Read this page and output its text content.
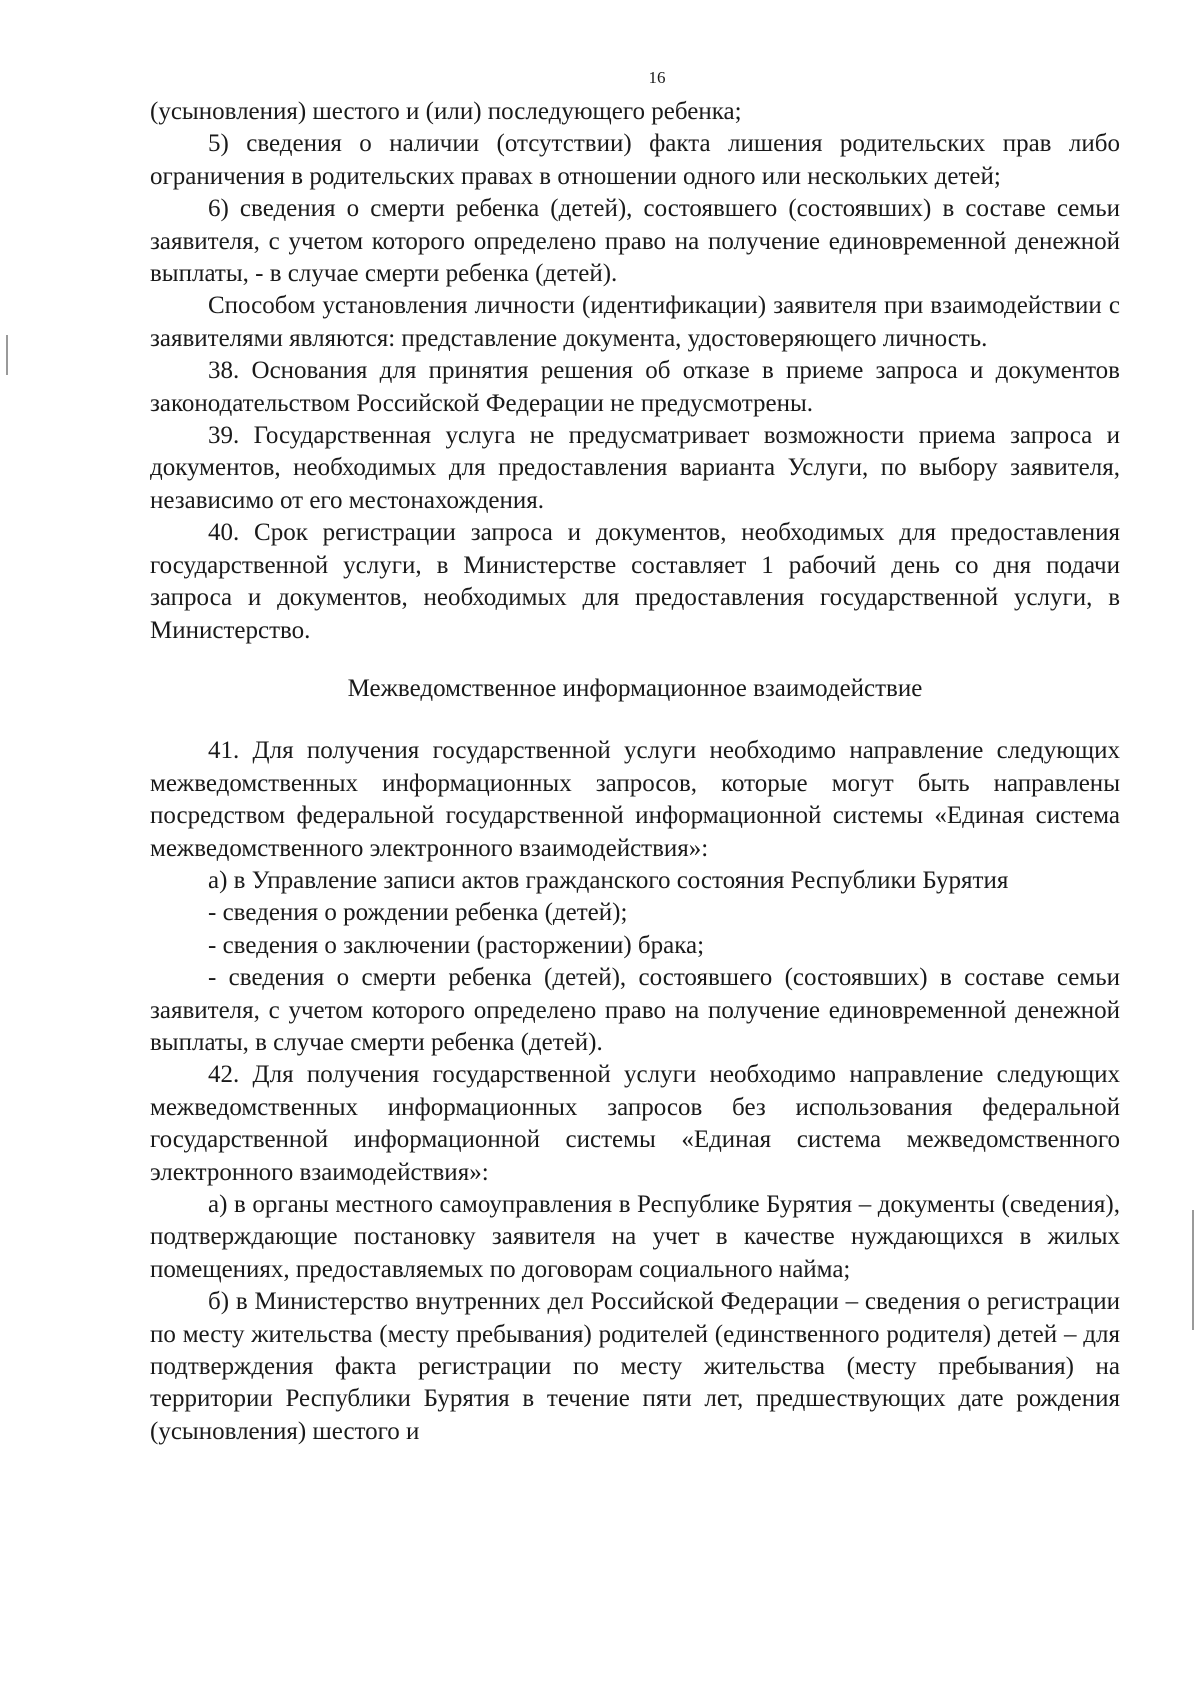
16

(усыновления) шестого и (или) последующего ребенка;

5) сведения о наличии (отсутствии) факта лишения родительских прав либо ограничения в родительских правах в отношении одного или нескольких детей;

6) сведения о смерти ребенка (детей), состоявшего (состоявших) в составе семьи заявителя, с учетом которого определено право на получение единовременной денежной выплаты, - в случае смерти ребенка (детей).

Способом установления личности (идентификации) заявителя при взаимодействии с заявителями являются: представление документа, удостоверяющего личность.

38. Основания для принятия решения об отказе в приеме запроса и документов законодательством Российской Федерации не предусмотрены.

39. Государственная услуга не предусматривает возможности приема запроса и документов, необходимых для предоставления варианта Услуги, по выбору заявителя, независимо от его местонахождения.

40. Срок регистрации запроса и документов, необходимых для предоставления государственной услуги, в Министерстве составляет 1 рабочий день со дня подачи запроса и документов, необходимых для предоставления государственной услуги, в Министерство.

Межведомственное информационное взаимодействие

41. Для получения государственной услуги необходимо направление следующих межведомственных информационных запросов, которые могут быть направлены посредством федеральной государственной информационной системы «Единая система межведомственного электронного взаимодействия»:

а) в Управление записи актов гражданского состояния Республики Бурятия

- сведения о рождении ребенка (детей);

- сведения о заключении (расторжении) брака;

- сведения о смерти ребенка (детей), состоявшего (состоявших) в составе семьи заявителя, с учетом которого определено право на получение единовременной денежной выплаты, в случае смерти ребенка (детей).

42. Для получения государственной услуги необходимо направление следующих межведомственных информационных запросов без использования федеральной государственной информационной системы «Единая система межведомственного электронного взаимодействия»:

а) в органы местного самоуправления в Республике Бурятия – документы (сведения), подтверждающие постановку заявителя на учет в качестве нуждающихся в жилых помещениях, предоставляемых по договорам социального найма;

б) в Министерство внутренних дел Российской Федерации – сведения о регистрации по месту жительства (месту пребывания) родителей (единственного родителя) детей – для подтверждения факта регистрации по месту жительства (месту пребывания) на территории Республики Бурятия в течение пяти лет, предшествующих дате рождения (усыновления) шестого и
